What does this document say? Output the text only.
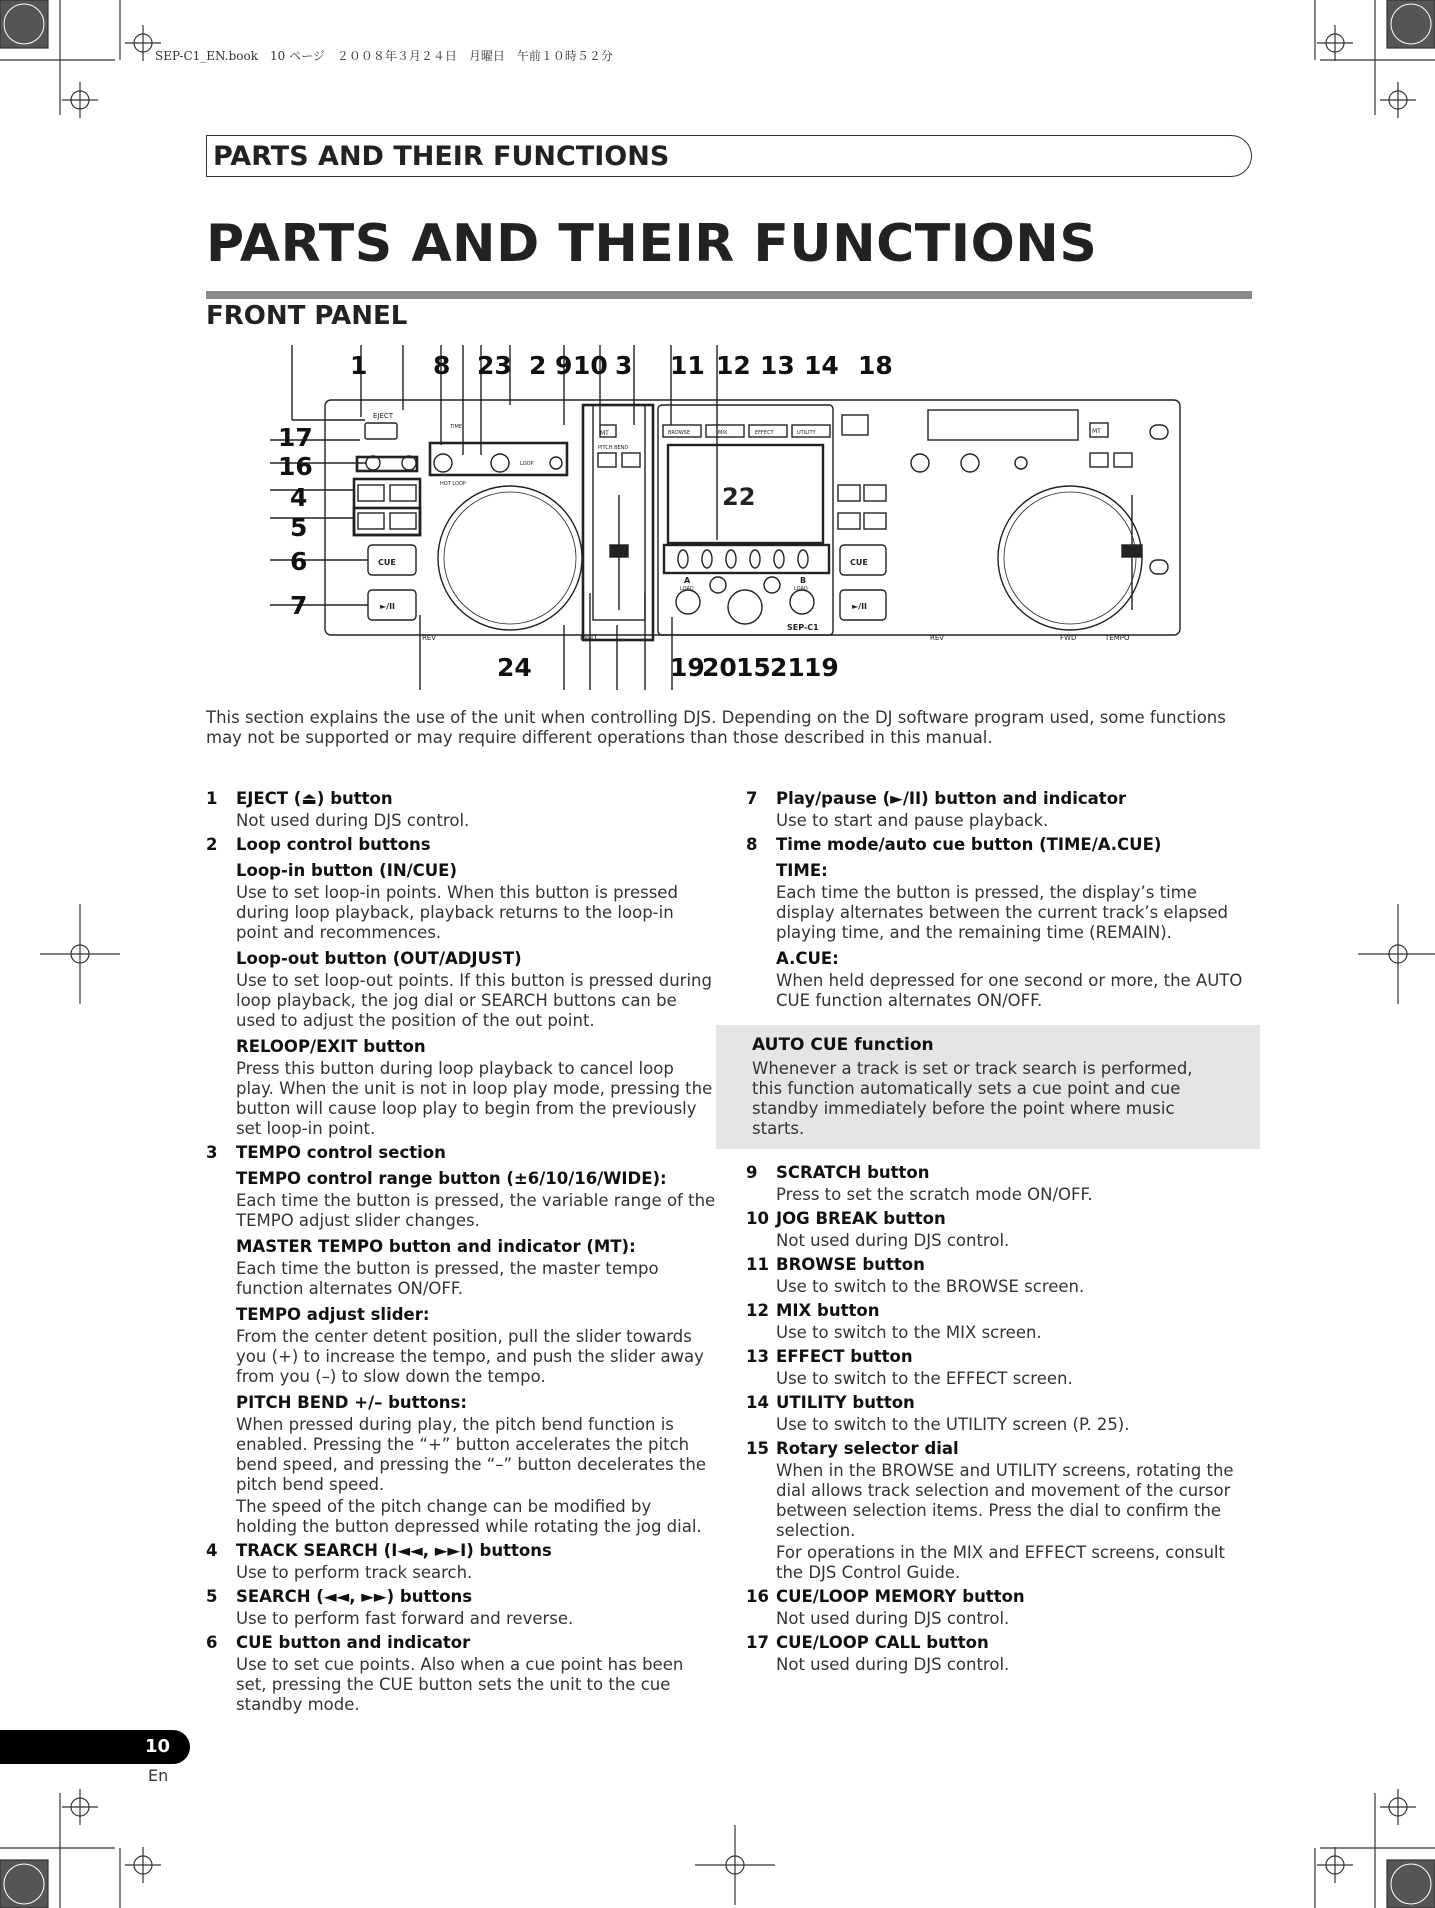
SEP-C1_EN.book　10 ページ　２００８年３月２４日　月曜日　午前１０時５２分
PARTS AND THEIR FUNCTIONS
PARTS AND THEIR FUNCTIONS
FRONT PANEL
EJECT
CUE
►/II
REV	FWD
MT
PITCH BEND
BROWSE	MIX	EFFECT	UTILITY
A	B
LOAD	LOAD
SEP-C1
HOT LOOP
LOOP
TIME
CUE
►/II
REV	FWD	TEMPO
MT
22
1	8 23 2 9 10 3 11 12 13 14 18
17
16
4
5
6
7
24	19
20 15 21 19
This section explains the use of the unit when controlling DJS. Depending on the DJ software program used, some functions may not be supported or may require different operations than those described in this manual.
1 EJECT (⏏) button
Not used during DJS control.
2 Loop control buttons
Loop-in button (IN/CUE)
Use to set loop-in points. When this button is pressed during loop playback, playback returns to the loop-in point and recommences.
Loop-out button (OUT/ADJUST)
Use to set loop-out points. If this button is pressed during loop playback, the jog dial or SEARCH buttons can be used to adjust the position of the out point.
RELOOP/EXIT button
Press this button during loop playback to cancel loop play. When the unit is not in loop play mode, pressing the button will cause loop play to begin from the previously set loop-in point.
3 TEMPO control section
TEMPO control range button (±6/10/16/WIDE):
Each time the button is pressed, the variable range of the TEMPO adjust slider changes.
MASTER TEMPO button and indicator (MT):
Each time the button is pressed, the master tempo function alternates ON/OFF.
TEMPO adjust slider:
From the center detent position, pull the slider towards you (+) to increase the tempo, and push the slider away from you (–) to slow down the tempo.
PITCH BEND +/– buttons:
When pressed during play, the pitch bend function is enabled. Pressing the “+” button accelerates the pitch bend speed, and pressing the “–” button decelerates the pitch bend speed.
The speed of the pitch change can be modified by holding the button depressed while rotating the jog dial.
4 TRACK SEARCH (I◄◄, ►►I) buttons
Use to perform track search.
5 SEARCH (◄◄, ►►) buttons
Use to perform fast forward and reverse.
6 CUE button and indicator
Use to set cue points. Also when a cue point has been set, pressing the CUE button sets the unit to the cue standby mode.
7 Play/pause (►/II) button and indicator
Use to start and pause playback.
8 Time mode/auto cue button (TIME/A.CUE)
TIME:
Each time the button is pressed, the display’s time display alternates between the current track’s elapsed playing time, and the remaining time (REMAIN).
A.CUE:
When held depressed for one second or more, the AUTO CUE function alternates ON/OFF.
AUTO CUE function
Whenever a track is set or track search is performed, this function automatically sets a cue point and cue standby immediately before the point where music starts.
9 SCRATCH button
Press to set the scratch mode ON/OFF.
10 JOG BREAK button
Not used during DJS control.
11 BROWSE button
Use to switch to the BROWSE screen.
12 MIX button
Use to switch to the MIX screen.
13 EFFECT button
Use to switch to the EFFECT screen.
14 UTILITY button
Use to switch to the UTILITY screen (P. 25).
15 Rotary selector dial
When in the BROWSE and UTILITY screens, rotating the dial allows track selection and movement of the cursor between selection items. Press the dial to confirm the selection.
For operations in the MIX and EFFECT screens, consult the DJS Control Guide.
16 CUE/LOOP MEMORY button
Not used during DJS control.
17 CUE/LOOP CALL button
Not used during DJS control.
10
En
